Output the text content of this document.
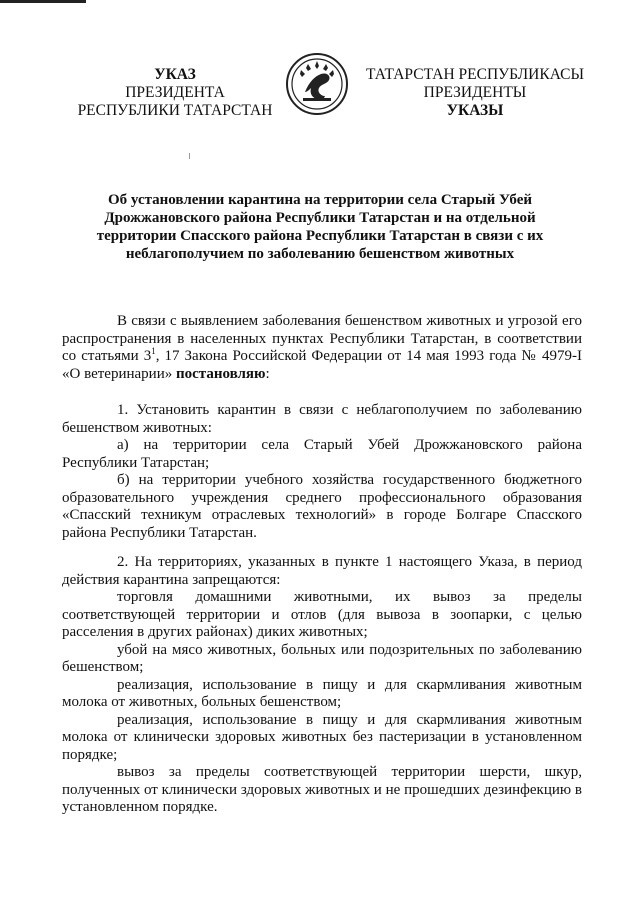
УКАЗ
ПРЕЗИДЕНТА
РЕСПУБЛИКИ ТАТАРСТАН
ТАТАРСТАН РЕСПУБЛИКАСЫ
ПРЕЗИДЕНТЫ
УКАЗЫ
Об установлении карантина на территории села Старый Убей Дрожжановского района Республики Татарстан и на отдельной территории Спасского района Республики Татарстан в связи с их неблагополучием по заболеванию бешенством животных

В связи с выявлением заболевания бешенством животных и угрозой его распространения в населенных пунктах Республики Татарстан, в соответствии со статьями $3^1$, 17 Закона Российской Федерации от 14 мая 1993 года № 4979-I «О ветеринарии» постановляю:

1. Установить карантин в связи с неблагополучием по заболеванию бешенством животных:

а) на территории села Старый Убей Дрожжановского района Республики Татарстан;

б) на территории учебного хозяйства государственного бюджетного образовательного учреждения среднего профессионального образования «Спасский техникум отраслевых технологий» в городе Болгаре Спасского района Республики Татарстан.

2. На территориях, указанных в пункте 1 настоящего Указа, в период действия карантина запрещаются:

торговля домашними животными, их вывоз за пределы соответствующей территории и отлов (для вывоза в зоопарки, с целью расселения в других районах) диких животных;

убой на мясо животных, больных или подозрительных по заболеванию бешенством;

реализация, использование в пищу и для скармливания животным молока от животных, больных бешенством;

реализация, использование в пищу и для скармливания животным молока от клинически здоровых животных без пастеризации в установленном порядке;

вывоз за пределы соответствующей территории шерсти, шкур, полученных от клинически здоровых животных и не прошедших дезинфекцию в установленном порядке.
